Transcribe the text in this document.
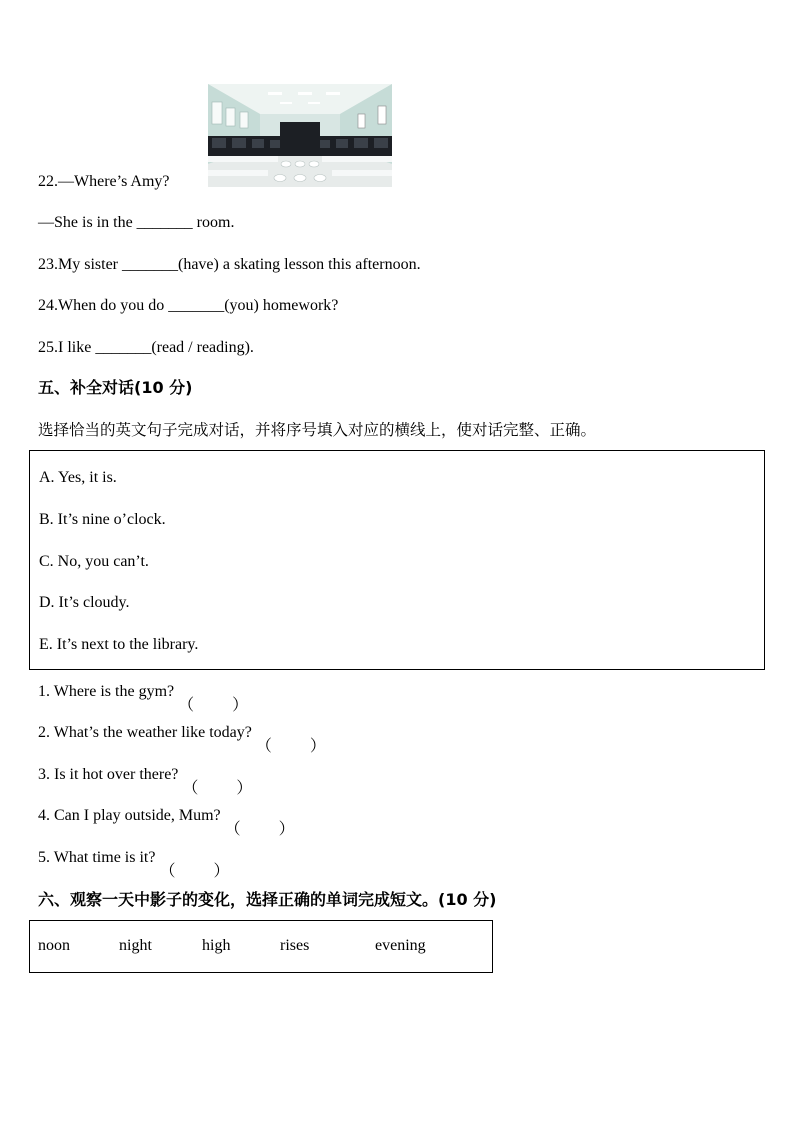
22.—Where’s Amy?
—She is in the _______ room.
23.My sister _______(have) a skating lesson this afternoon.
24.When do you do _______(you) homework?
25.I like _______(read / reading).
五、补全对话(10 分)
选择恰当的英文句子完成对话，并将序号填入对应的横线上，使对话完整、正确。
A. Yes, it is.
B. It’s nine o’clock.
C. No, you can’t.
D. It’s cloudy.
E. It’s next to the library.
1. Where is the gym?
（ ）
2. What’s the weather like today?
（ ）
3. Is it hot over there?
（ ）
4. Can I play outside, Mum?
（ ）
5. What time is it?
（ ）
六、观察一天中影子的变化，选择正确的单词完成短文。(10 分)
noon	night	high	rises	evening
